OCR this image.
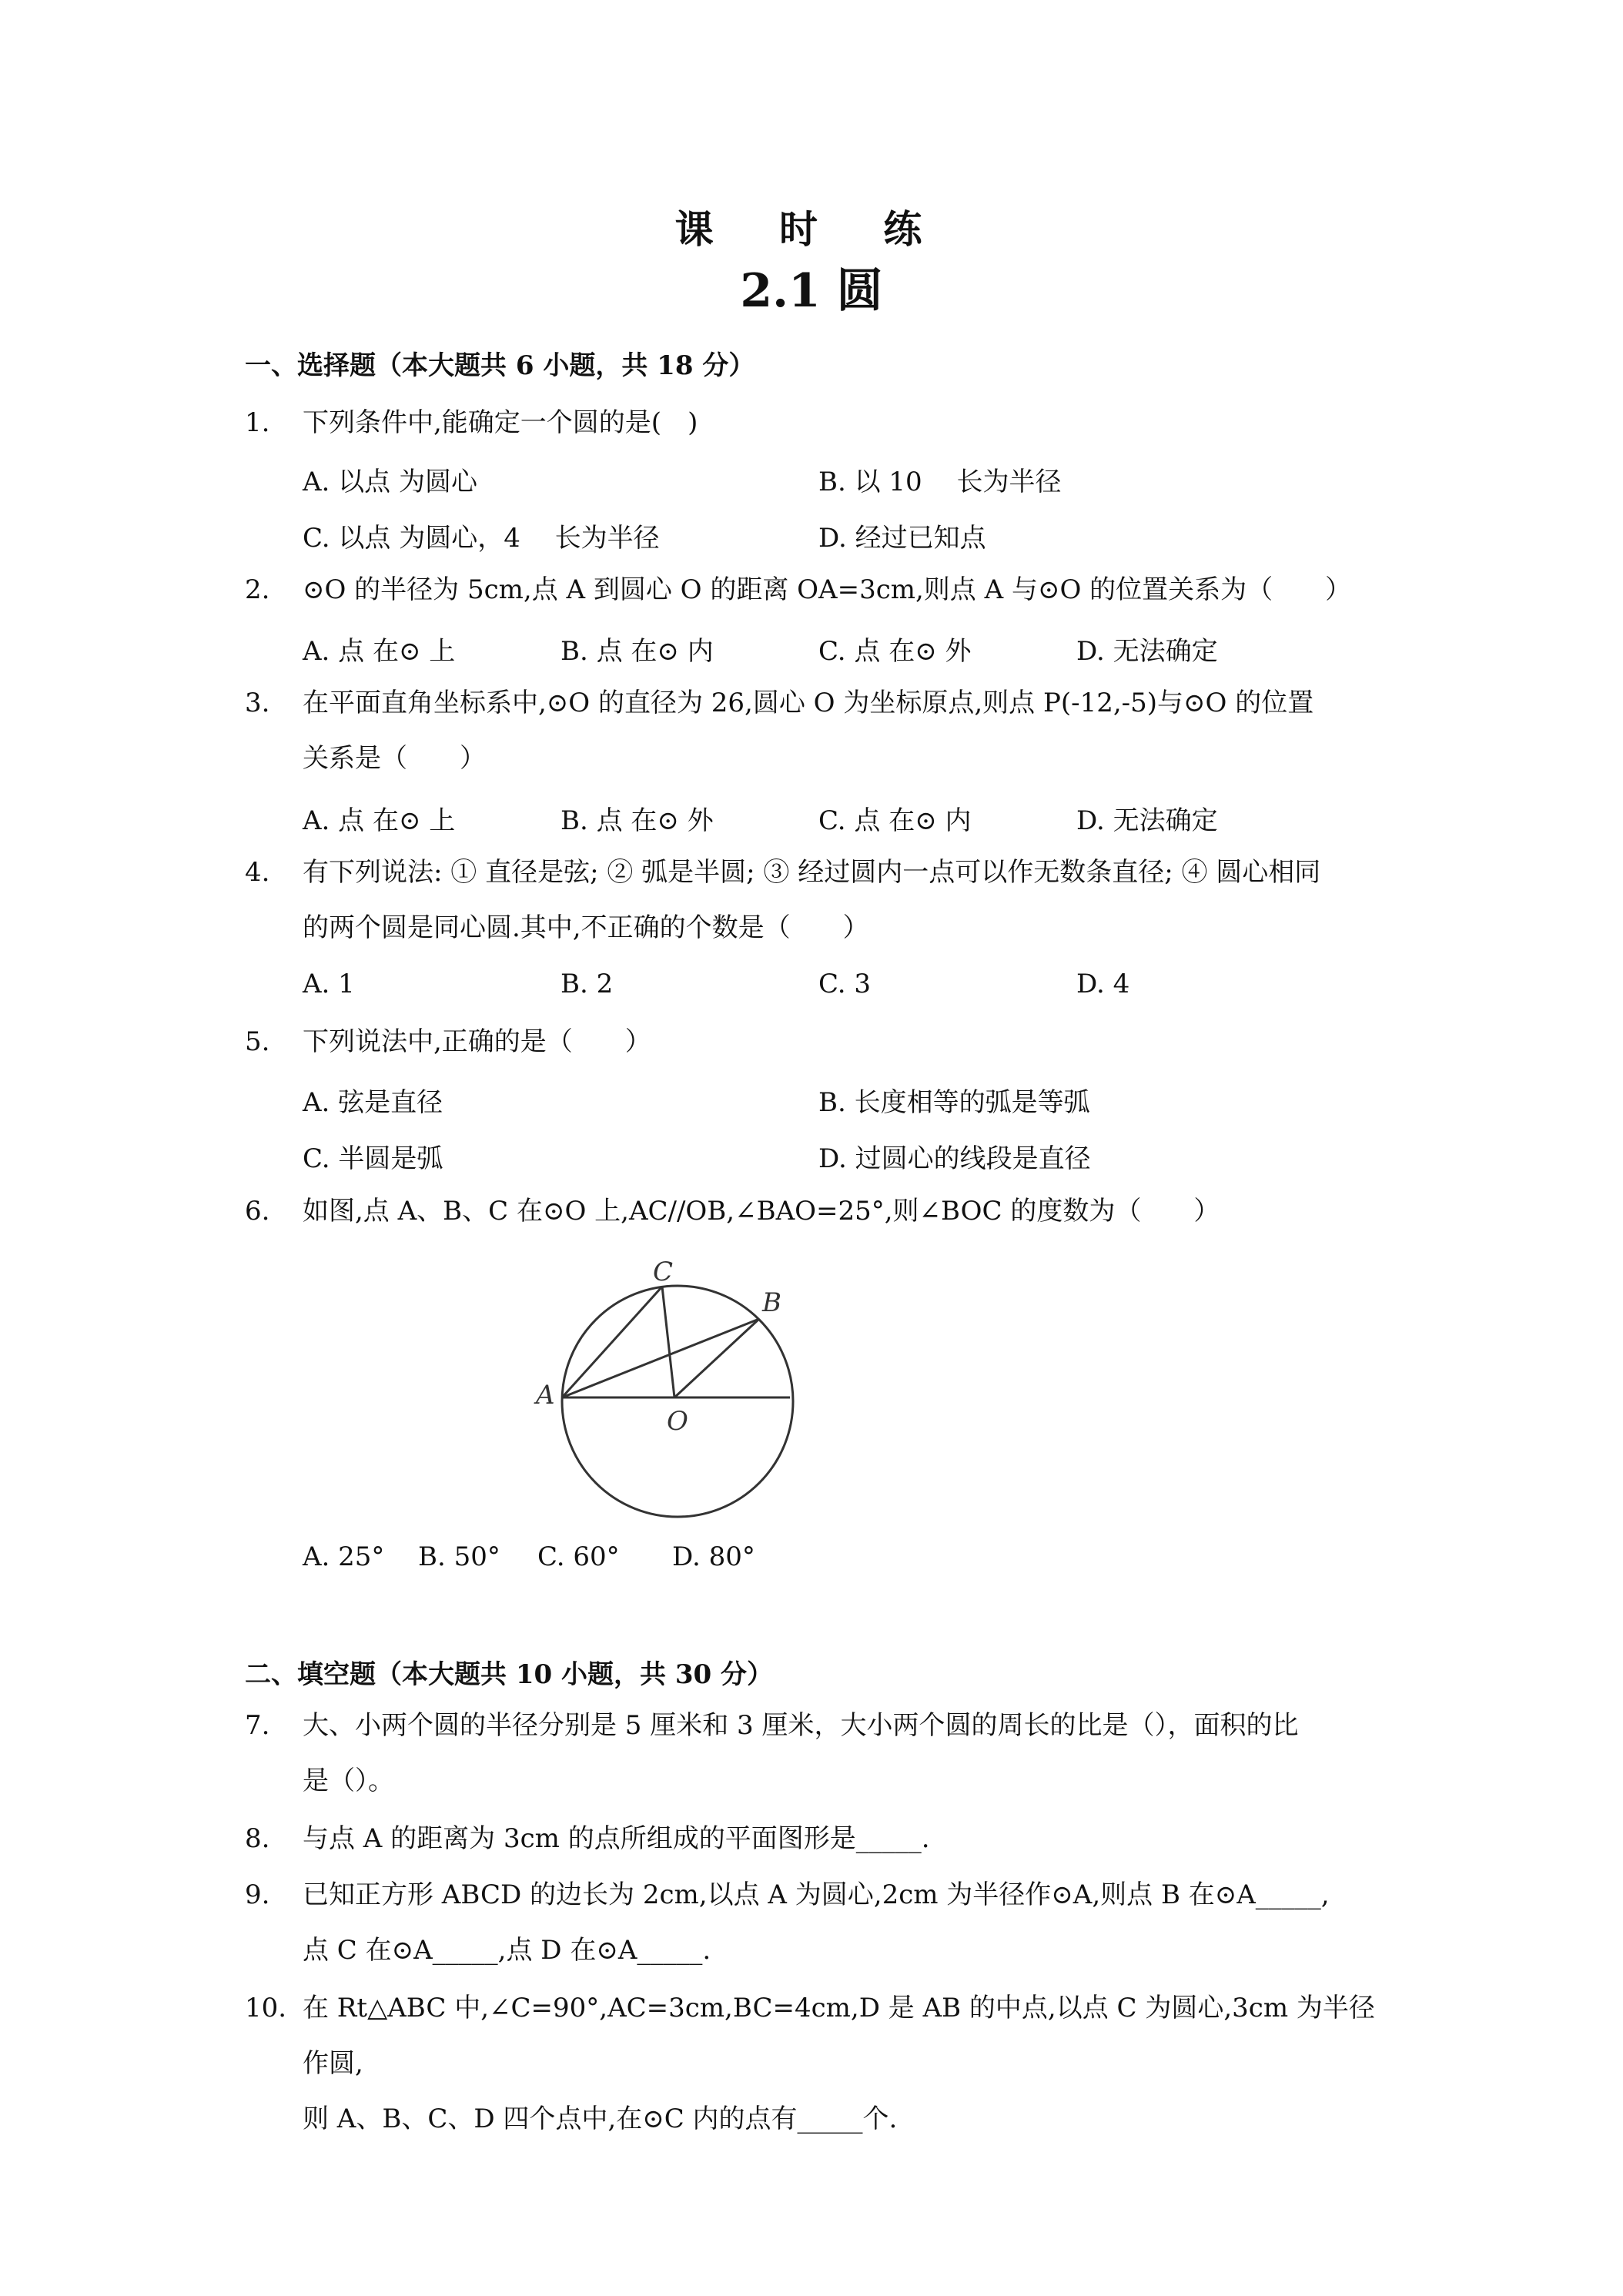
课 时 练
2.1 圆
一、选择题（本大题共 6 小题，共 18 分）
1. 下列条件中,能确定一个圆的是(　)
A. 以点 为圆心	B. 以 10　 长为半径
C. 以点 为圆心，4　 长为半径	D. 经过已知点
2. ⊙O 的半径为 5cm,点 A 到圆心 O 的距离 OA=3cm,则点 A 与⊙O 的位置关系为（　　）
A. 点 在⊙ 上	B. 点 在⊙ 内	C. 点 在⊙ 外	D. 无法确定
3. 在平面直角坐标系中,⊙O 的直径为 26,圆心 O 为坐标原点,则点 P(-12,-5)与⊙O 的位置
关系是（　　）
A. 点 在⊙ 上	B. 点 在⊙ 外	C. 点 在⊙ 内	D. 无法确定
4. 有下列说法: ① 直径是弦; ② 弧是半圆; ③ 经过圆内一点可以作无数条直径; ④ 圆心相同
的两个圆是同心圆.其中,不正确的个数是（　　）
A. 1	B. 2	C. 3	D. 4
5. 下列说法中,正确的是（　　）
A. 弦是直径	B. 长度相等的弧是等弧
C. 半圆是弧	D. 过圆心的线段是直径
6. 如图,点 A、B、C 在⊙O 上,AC//OB,∠BAO=25°,则∠BOC 的度数为（　　）
C
B
A
O
A. 25° B. 50° C. 60° D. 80°
二、填空题（本大题共 10 小题，共 30 分）
7. 大、小两个圆的半径分别是 5 厘米和 3 厘米，大小两个圆的周长的比是（），面积的比
是（）。
8. 与点 A 的距离为 3cm 的点所组成的平面图形是_____.
9. 已知正方形 ABCD 的边长为 2cm,以点 A 为圆心,2cm 为半径作⊙A,则点 B 在⊙A_____,
点 C 在⊙A_____,点 D 在⊙A_____.
10. 在 Rt△ABC 中,∠C=90°,AC=3cm,BC=4cm,D 是 AB 的中点,以点 C 为圆心,3cm 为半径作圆,
则 A、B、C、D 四个点中,在⊙C 内的点有_____个.
